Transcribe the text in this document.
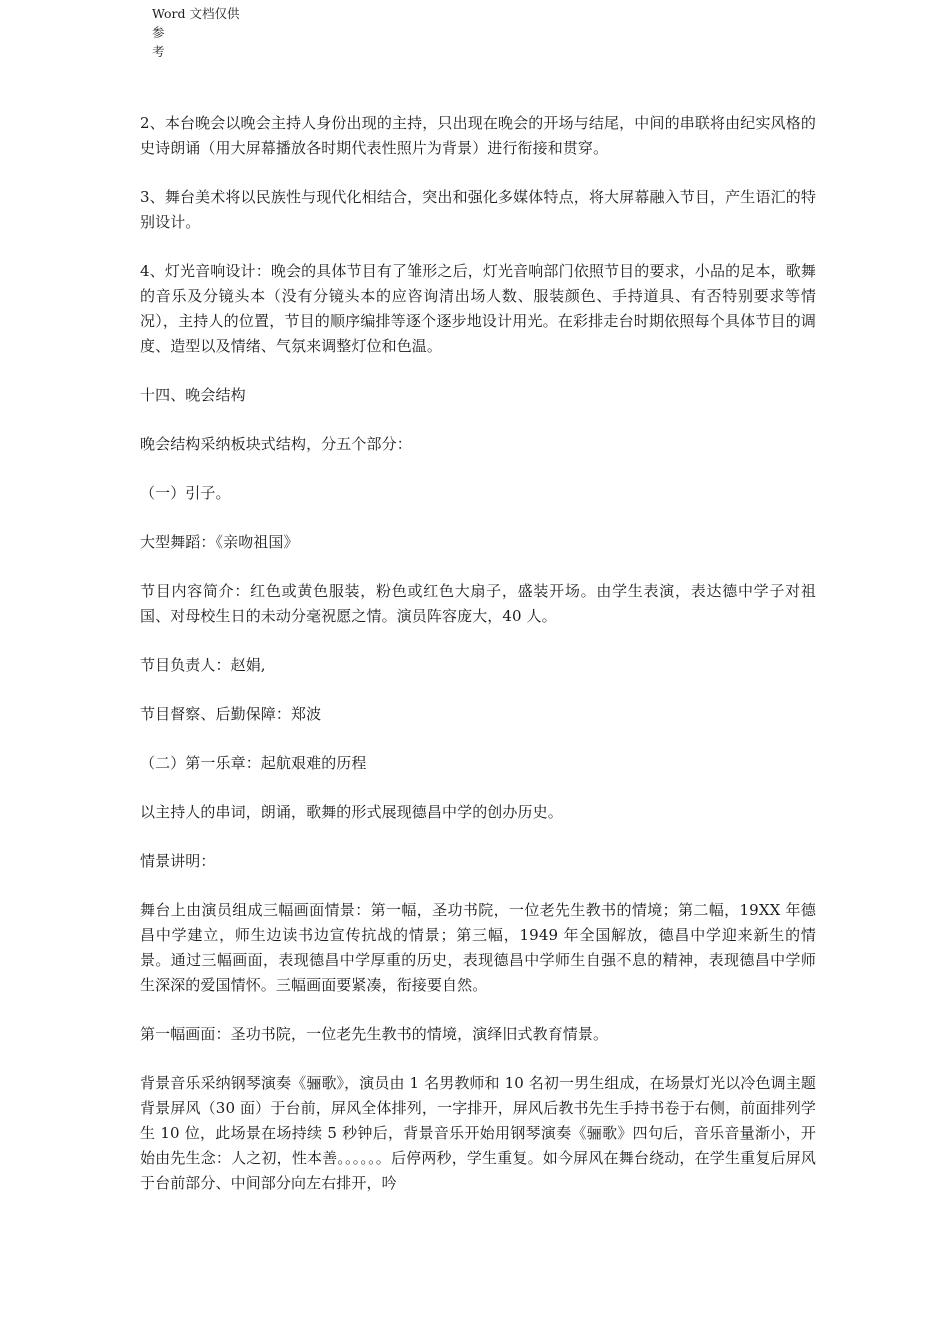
Word 文档仅供参
考

2、本台晚会以晚会主持人身份出现的主持，只出现在晚会的开场与结尾，中间的串联将由纪实风格的史诗朗诵（用大屏幕播放各时期代表性照片为背景）进行衔接和贯穿。

3、舞台美术将以民族性与现代化相结合，突出和强化多媒体特点，将大屏幕融入节目，产生语汇的特别设计。

4、灯光音响设计：晚会的具体节目有了雏形之后，灯光音响部门依照节目的要求，小品的足本，歌舞的音乐及分镜头本（没有分镜头本的应咨询清出场人数、服装颜色、手持道具、有否特别要求等情况），主持人的位置，节目的顺序编排等逐个逐步地设计用光。在彩排走台时期依照每个具体节目的调度、造型以及情绪、气氛来调整灯位和色温。

十四、晚会结构

晚会结构采纳板块式结构，分五个部分：

（一）引子。

大型舞蹈：《亲吻祖国》

节目内容简介：红色或黄色服装，粉色或红色大扇子，盛装开场。由学生表演，表达德中学子对祖国、对母校生日的未动分毫祝愿之情。演员阵容庞大，40 人。

节目负责人：赵娟,

节目督察、后勤保障：郑波

（二）第一乐章：起航艰难的历程

以主持人的串词，朗诵，歌舞的形式展现德昌中学的创办历史。

情景讲明：

舞台上由演员组成三幅画面情景：第一幅，圣功书院，一位老先生教书的情境；第二幅，19XX 年德昌中学建立，师生边读书边宣传抗战的情景；第三幅，1949 年全国解放，德昌中学迎来新生的情景。通过三幅画面，表现德昌中学厚重的历史，表现德昌中学师生自强不息的精神，表现德昌中学师生深深的爱国情怀。三幅画面要紧凑，衔接要自然。

第一幅画面：圣功书院，一位老先生教书的情境，演绎旧式教育情景。

背景音乐采纳钢琴演奏《骊歌》，演员由 1 名男教师和 10 名初一男生组成，在场景灯光以冷色调主题背景屏风（30 面）于台前，屏风全体排列，一字排开，屏风后教书先生手持书卷于右侧，前面排列学生 10 位，此场景在场持续 5 秒钟后，背景音乐开始用钢琴演奏《骊歌》四句后，音乐音量渐小，开始由先生念：人之初，性本善。。。。。。后停两秒，学生重复。如今屏风在舞台绕动，在学生重复后屏风于台前部分、中间部分向左右排开，吟
